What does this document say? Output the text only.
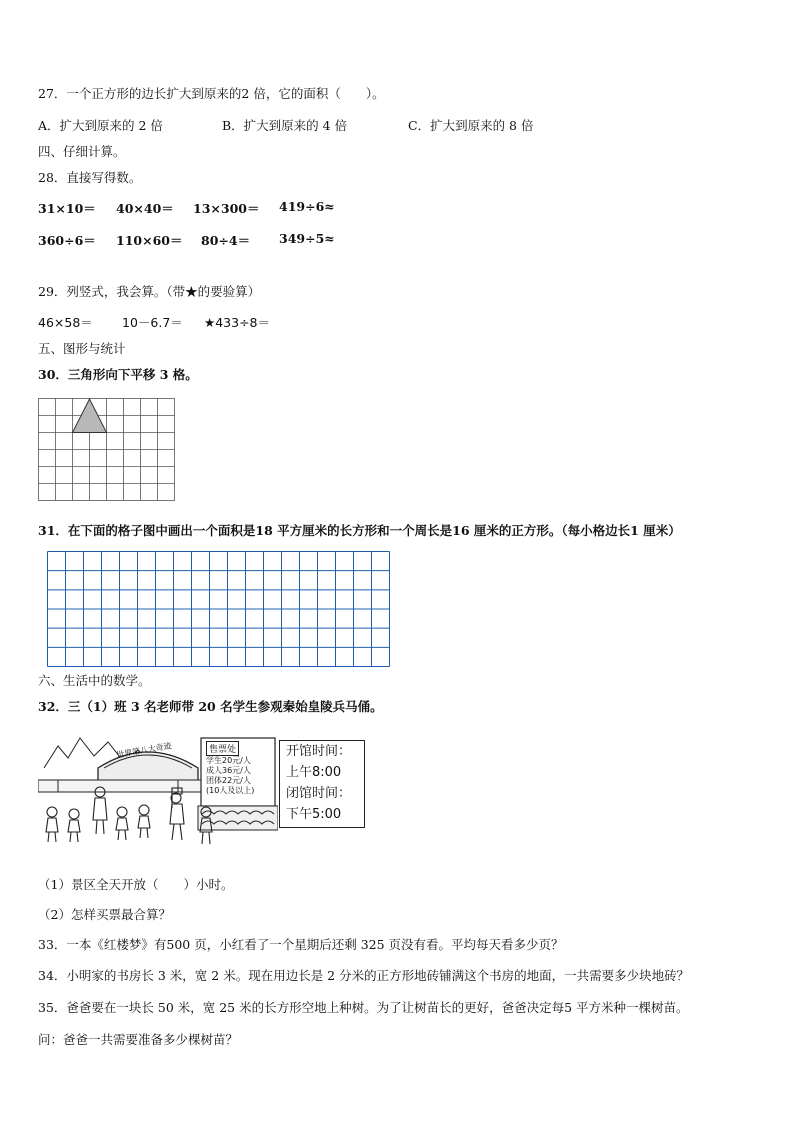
27．一个正方形的边长扩大到原来的2 倍，它的面积（　　）。
A．扩大到原来的 2 倍	B．扩大到原来的 4 倍	C．扩大到原来的 8 倍
四、仔细计算。
28．直接写得数。
31×10＝ 40×40＝ 13×300＝ 419÷6≈
360÷6＝ 110×60＝ 80÷4＝ 349÷5≈
29．列竖式，我会算。（带★的要验算）
46×58＝ 10－6.7＝ ★433÷8＝
五、图形与统计
30．三角形向下平移 3 格。
31．在下面的格子图中画出一个面积是18 平方厘米的长方形和一个周长是16 厘米的正方形。（每小格边长1 厘米）
六、生活中的数学。
32．三（1）班 3 名老师带 20 名学生参观秦始皇陵兵马俑。
世界第八大奇迹	售票处
学生20元/人
成人36元/人
团体22元/人
(10人及以上)
开馆时间：
上午8:00
闭馆时间：
下午5:00
（1）景区全天开放（　　）小时。
（2）怎样买票最合算？
33．一本《红楼梦》有500 页，小红看了一个星期后还剩 325 页没有看。平均每天看多少页？
34．小明家的书房长 3 米，宽 2 米。现在用边长是 2 分米的正方形地砖铺满这个书房的地面，一共需要多少块地砖？
35．爸爸要在一块长 50 米，宽 25 米的长方形空地上种树。为了让树苗长的更好，爸爸决定每5 平方米种一棵树苗。
问：爸爸一共需要准备多少棵树苗？
